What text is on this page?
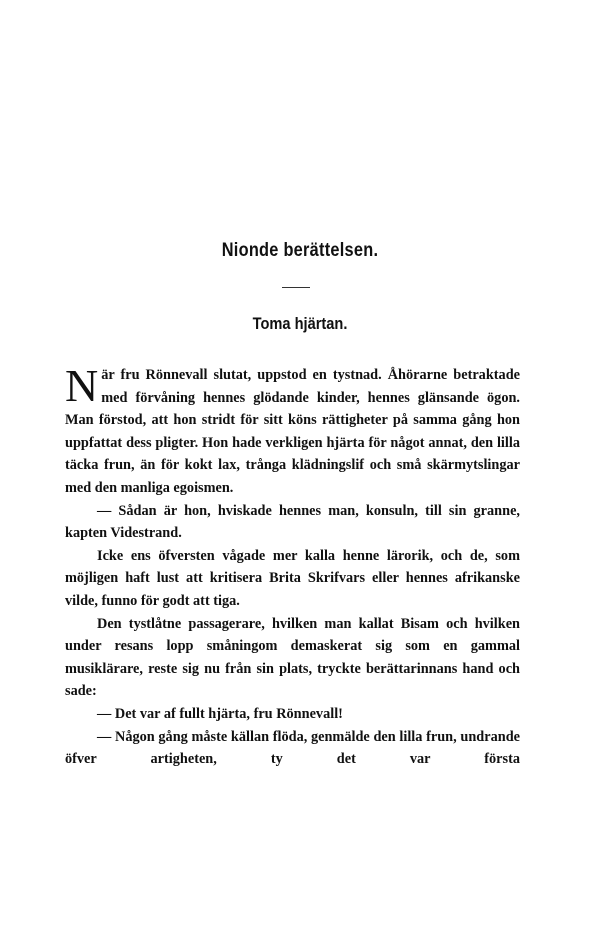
Nionde berättelsen.
Toma hjärtan.

När fru Rönnevall slutat, uppstod en tystnad. Åhörarne betraktade med förvåning hennes glödande kinder, hennes glänsande ögon. Man förstod, att hon stridt för sitt köns rättigheter på samma gång hon uppfattat dess pligter. Hon hade verkligen hjärta för något annat, den lilla täcka frun, än för kokt lax, trånga klädningslif och små skärmytslingar med den manliga egoismen.

— Sådan är hon, hviskade hennes man, konsuln, till sin granne, kapten Videstrand.

Icke ens öfversten vågade mer kalla henne lärorik, och de, som möjligen haft lust att kritisera Brita Skrifvars eller hennes afrikanske vilde, funno för godt att tiga.

Den tystlåtne passagerare, hvilken man kallat Bisam och hvilken under resans lopp småningom demaskerat sig som en gammal musiklärare, reste sig nu från sin plats, tryckte berättarinnans hand och sade:

— Det var af fullt hjärta, fru Rönnevall!

— Någon gång måste källan flöda, genmälde den lilla frun, undrande öfver artigheten, ty det var första
